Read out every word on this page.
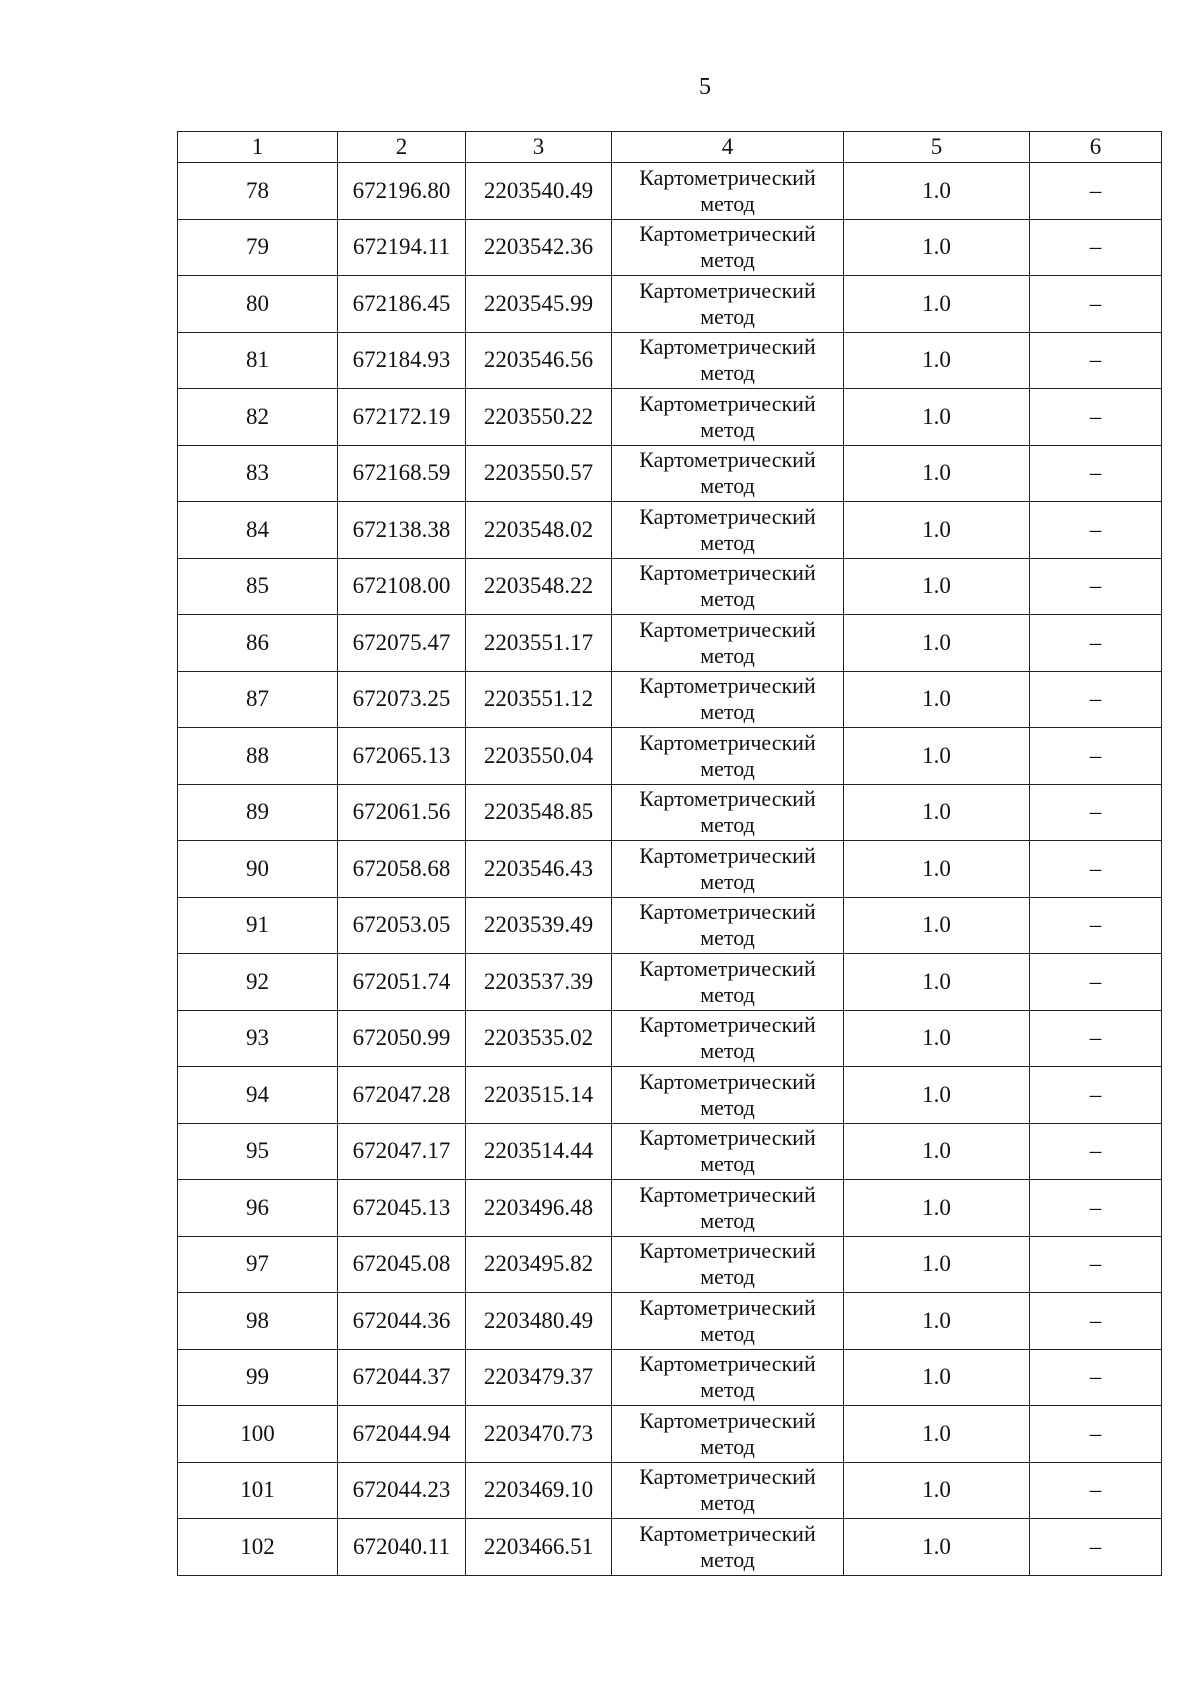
5
1	2	3	4	5	6
78	672196.80	2203540.49	Картометрический метод	1.0	–
79	672194.11	2203542.36	Картометрический метод	1.0	–
80	672186.45	2203545.99	Картометрический метод	1.0	–
81	672184.93	2203546.56	Картометрический метод	1.0	–
82	672172.19	2203550.22	Картометрический метод	1.0	–
83	672168.59	2203550.57	Картометрический метод	1.0	–
84	672138.38	2203548.02	Картометрический метод	1.0	–
85	672108.00	2203548.22	Картометрический метод	1.0	–
86	672075.47	2203551.17	Картометрический метод	1.0	–
87	672073.25	2203551.12	Картометрический метод	1.0	–
88	672065.13	2203550.04	Картометрический метод	1.0	–
89	672061.56	2203548.85	Картометрический метод	1.0	–
90	672058.68	2203546.43	Картометрический метод	1.0	–
91	672053.05	2203539.49	Картометрический метод	1.0	–
92	672051.74	2203537.39	Картометрический метод	1.0	–
93	672050.99	2203535.02	Картометрический метод	1.0	–
94	672047.28	2203515.14	Картометрический метод	1.0	–
95	672047.17	2203514.44	Картометрический метод	1.0	–
96	672045.13	2203496.48	Картометрический метод	1.0	–
97	672045.08	2203495.82	Картометрический метод	1.0	–
98	672044.36	2203480.49	Картометрический метод	1.0	–
99	672044.37	2203479.37	Картометрический метод	1.0	–
100	672044.94	2203470.73	Картометрический метод	1.0	–
101	672044.23	2203469.10	Картометрический метод	1.0	–
102	672040.11	2203466.51	Картометрический метод	1.0	–
